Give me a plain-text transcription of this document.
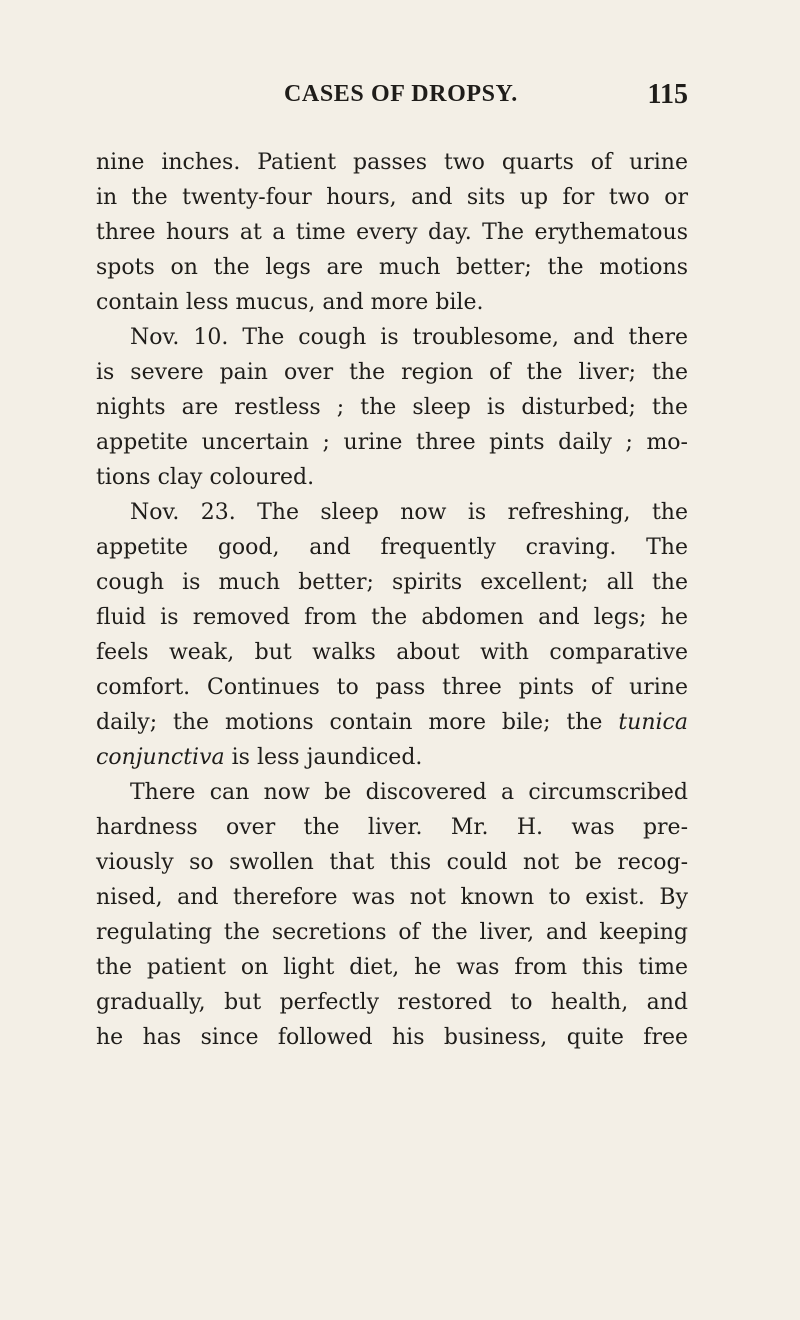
CASES OF DROPSY.	115
nine inches. Patient passes two quarts of urine
in the twenty-four hours, and sits up for two or
three hours at a time every day. The erythematous
spots on the legs are much better; the motions
contain less mucus, and more bile.
Nov. 10. The cough is troublesome, and there
is severe pain over the region of the liver; the
nights are restless ; the sleep is disturbed; the
appetite uncertain ; urine three pints daily ; mo-
tions clay coloured.
Nov. 23. The sleep now is refreshing, the
appetite good, and frequently craving. The
cough is much better; spirits excellent; all the
fluid is removed from the abdomen and legs; he
feels weak, but walks about with comparative
comfort. Continues to pass three pints of urine
daily; the motions contain more bile; the tunica
conjunctiva is less jaundiced.
There can now be discovered a circumscribed
hardness over the liver. Mr. H. was pre-
viously so swollen that this could not be recog-
nised, and therefore was not known to exist. By
regulating the secretions of the liver, and keeping
the patient on light diet, he was from this time
gradually, but perfectly restored to health, and
he has since followed his business, quite free
